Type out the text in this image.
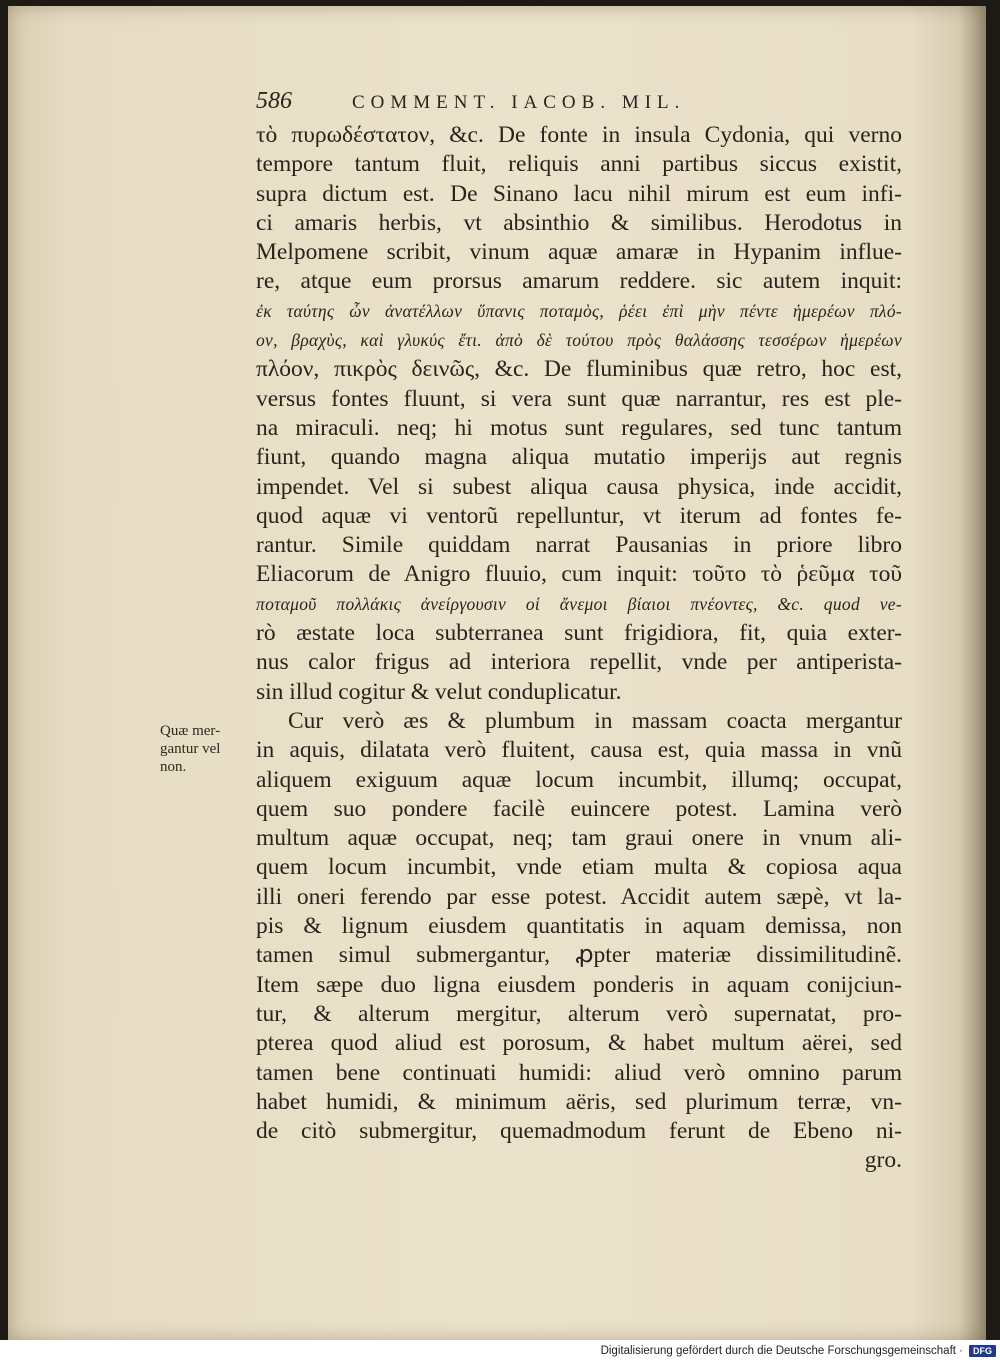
586	COMMENT. IACOB. MIL.
Quæ mer-
gantur vel
non.
τὸ πυρωδέστατον, &c. De fonte in insula Cydonia, qui verno
tempore tantum fluit, reliquis anni partibus siccus existit,
supra dictum est. De Sinano lacu nihil mirum est eum infi-
ci amaris herbis, vt absinthio & similibus. Herodotus in
Melpomene scribit, vinum aquæ amaræ in Hypanim influe-
re, atque eum prorsus amarum reddere. sic autem inquit:
ἐκ ταύτης ὦν ἀνατέλλων ὕπανις ποταμὸς, ῥέει ἐπὶ μὴν πέντε ἡμερέων πλό-
ον, βραχὺς, καὶ γλυκύς ἔτι. ἀπὸ δὲ τούτου πρὸς θαλάσσης τεσσέρων ἡμερέων
πλόον, πικρὸς δεινῶς, &c. De fluminibus quæ retro, hoc est,
versus fontes fluunt, si vera sunt quæ narrantur, res est ple-
na miraculi. neq; hi motus sunt regulares, sed tunc tantum
fiunt, quando magna aliqua mutatio imperijs aut regnis
impendet. Vel si subest aliqua causa physica, inde accidit,
quod aquæ vi ventorũ repelluntur, vt iterum ad fontes fe-
rantur. Simile quiddam narrat Pausanias in priore libro
Eliacorum de Anigro fluuio, cum inquit: τοῦτο τὸ ῥεῦμα τοῦ
ποταμοῦ πολλάκις ἀνείργουσιν οἱ ἄνεμοι βίαιοι πνέοντες, &c. quod ve-
rò æstate loca subterranea sunt frigidiora, fit, quia exter-
nus calor frigus ad interiora repellit, vnde per antiperista-
sin illud cogitur & velut conduplicatur.
Cur verò æs & plumbum in massam coacta mergantur
in aquis, dilatata verò fluitent, causa est, quia massa in vnũ
aliquem exiguum aquæ locum incumbit, illumq; occupat,
quem suo pondere facilè euincere potest. Lamina verò
multum aquæ occupat, neq; tam graui onere in vnum ali-
quem locum incumbit, vnde etiam multa & copiosa aqua
illi oneri ferendo par esse potest. Accidit autem sæpè, vt la-
pis & lignum eiusdem quantitatis in aquam demissa, non
tamen simul submergantur, ꝓpter materiæ dissimilitudinẽ.
Item sæpe duo ligna eiusdem ponderis in aquam conijciun-
tur, & alterum mergitur, alterum verò supernatat, pro-
pterea quod aliud est porosum, & habet multum aërei, sed
tamen bene continuati humidi: aliud verò omnino parum
habet humidi, & minimum aëris, sed plurimum terræ, vn-
de citò submergitur, quemadmodum ferunt de Ebeno ni-
gro.
Digitalisierung gefördert durch die Deutsche Forschungsgemeinschaft ·	DFG
